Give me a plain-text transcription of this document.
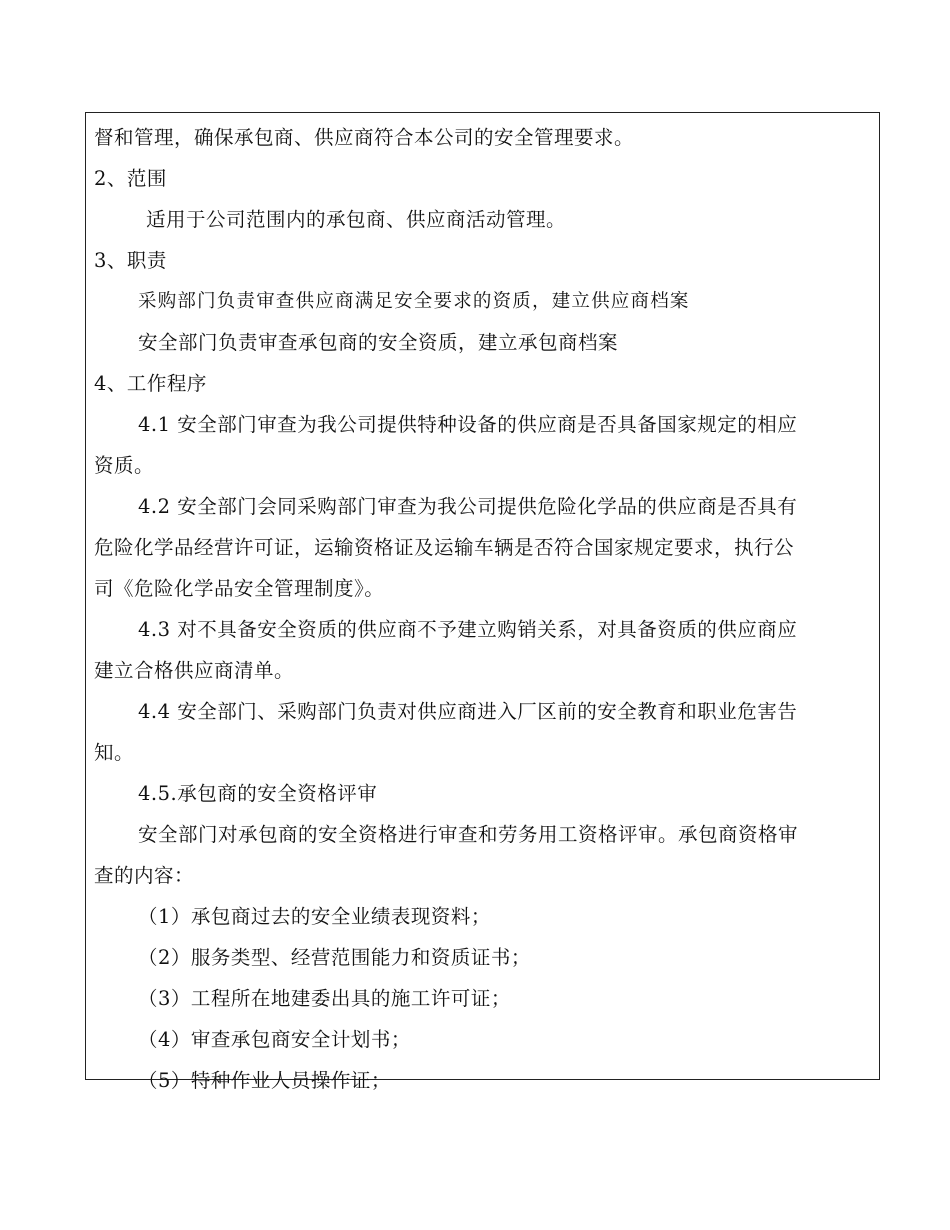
督和管理，确保承包商、供应商符合本公司的安全管理要求。
2、范围
适用于公司范围内的承包商、供应商活动管理。
3、职责
采购部门负责审查供应商满足安全要求的资质，建立供应商档案
安全部门负责审查承包商的安全资质，建立承包商档案
4、工作程序
4.1 安全部门审查为我公司提供特种设备的供应商是否具备国家规定的相应
资质。
4.2 安全部门会同采购部门审查为我公司提供危险化学品的供应商是否具有
危险化学品经营许可证，运输资格证及运输车辆是否符合国家规定要求，执行公
司《危险化学品安全管理制度》。
4.3 对不具备安全资质的供应商不予建立购销关系，对具备资质的供应商应
建立合格供应商清单。
4.4 安全部门、采购部门负责对供应商进入厂区前的安全教育和职业危害告
知。
4.5.承包商的安全资格评审
安全部门对承包商的安全资格进行审查和劳务用工资格评审。承包商资格审
查的内容：
（1）承包商过去的安全业绩表现资料；
（2）服务类型、经营范围能力和资质证书；
（3）工程所在地建委出具的施工许可证；
（4）审查承包商安全计划书；
（5）特种作业人员操作证；
